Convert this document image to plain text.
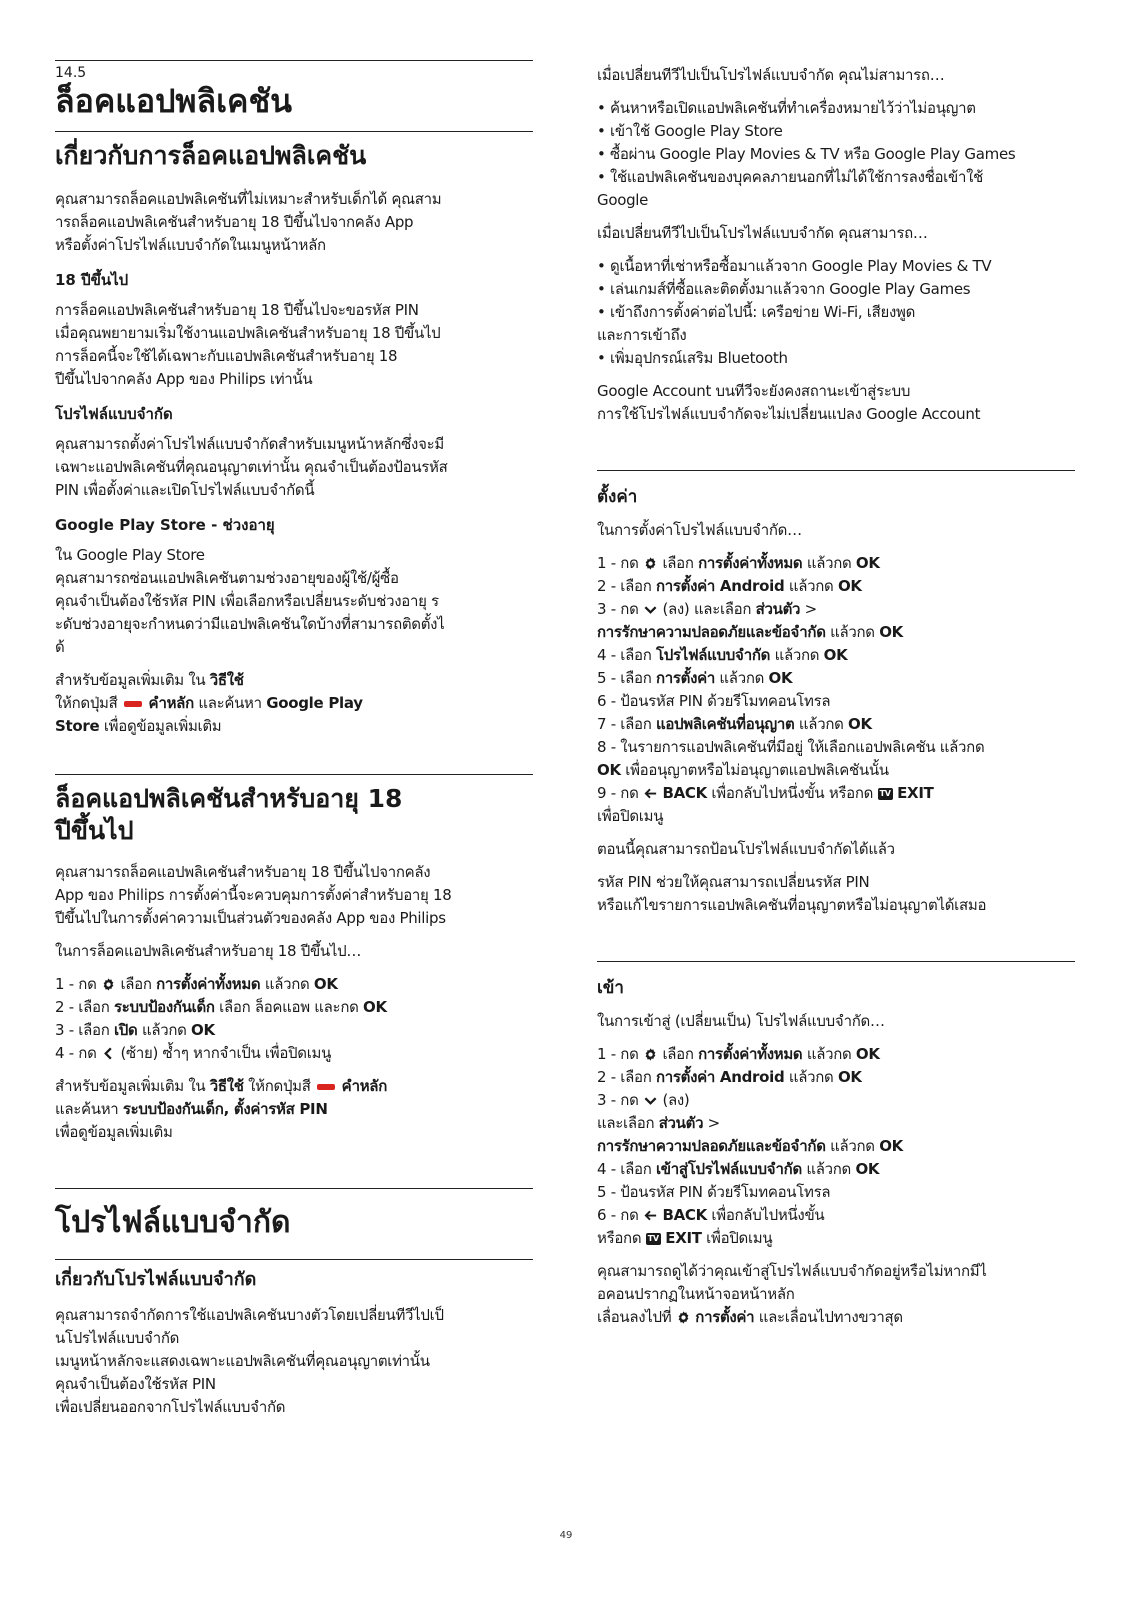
14.5
ล็อคแอปพลิเคชัน
เกี่ยวกับการล็อคแอปพลิเคชัน

คุณสามารถล็อคแอปพลิเคชันที่ไม่เหมาะสำหรับเด็กได้ คุณสาม
ารถล็อคแอปพลิเคชันสำหรับอายุ 18 ปีขึ้นไปจากคลัง App
หรือตั้งค่าโปรไฟล์แบบจำกัดในเมนูหน้าหลัก

18 ปีขึ้นไป

การล็อคแอปพลิเคชันสำหรับอายุ 18 ปีขึ้นไปจะขอรหัส PIN
เมื่อคุณพยายามเริ่มใช้งานแอปพลิเคชันสำหรับอายุ 18 ปีขึ้นไป
การล็อคนี้จะใช้ได้เฉพาะกับแอปพลิเคชันสำหรับอายุ 18
ปีขึ้นไปจากคลัง App ของ Philips เท่านั้น

โปรไฟล์แบบจำกัด

คุณสามารถตั้งค่าโปรไฟล์แบบจำกัดสำหรับเมนูหน้าหลักซึ่งจะมี
เฉพาะแอปพลิเคชันที่คุณอนุญาตเท่านั้น คุณจำเป็นต้องป้อนรหัส
PIN เพื่อตั้งค่าและเปิดโปรไฟล์แบบจำกัดนี้

Google Play Store - ช่วงอายุ

ใน Google Play Store
คุณสามารถซ่อนแอปพลิเคชันตามช่วงอายุของผู้ใช้/ผู้ซื้อ
คุณจำเป็นต้องใช้รหัส PIN เพื่อเลือกหรือเปลี่ยนระดับช่วงอายุ ร
ะดับช่วงอายุจะกำหนดว่ามีแอปพลิเคชันใดบ้างที่สามารถติดตั้งไ
ด้

สำหรับข้อมูลเพิ่มเติม ใน วิธีใช้
ให้กดปุ่มสี  คำหลัก และค้นหา Google Play
Store เพื่อดูข้อมูลเพิ่มเติม

ล็อคแอปพลิเคชันสำหรับอายุ 18
ปีขึ้นไป

คุณสามารถล็อคแอปพลิเคชันสำหรับอายุ 18 ปีขึ้นไปจากคลัง
App ของ Philips การตั้งค่านี้จะควบคุมการตั้งค่าสำหรับอายุ 18
ปีขึ้นไปในการตั้งค่าความเป็นส่วนตัวของคลัง App ของ Philips

ในการล็อคแอปพลิเคชันสำหรับอายุ 18 ปีขึ้นไป…

1 - กด  เลือก การตั้งค่าทั้งหมด แล้วกด OK
2 - เลือก ระบบป้องกันเด็ก เลือก ล็อคแอพ และกด OK
3 - เลือก เปิด แล้วกด OK
4 - กด  (ซ้าย) ซ้ำๆ หากจำเป็น เพื่อปิดเมนู

สำหรับข้อมูลเพิ่มเติม ใน วิธีใช้ ให้กดปุ่มสี  คำหลัก
และค้นหา ระบบป้องกันเด็ก, ตั้งค่ารหัส PIN
เพื่อดูข้อมูลเพิ่มเติม

โปรไฟล์แบบจำกัด
เกี่ยวกับโปรไฟล์แบบจำกัด

คุณสามารถจำกัดการใช้แอปพลิเคชันบางตัวโดยเปลี่ยนทีวีไปเป็
นโปรไฟล์แบบจำกัด
เมนูหน้าหลักจะแสดงเฉพาะแอปพลิเคชันที่คุณอนุญาตเท่านั้น
คุณจำเป็นต้องใช้รหัส PIN
เพื่อเปลี่ยนออกจากโปรไฟล์แบบจำกัด

เมื่อเปลี่ยนทีวีไปเป็นโปรไฟล์แบบจำกัด คุณไม่สามารถ…

• ค้นหาหรือเปิดแอปพลิเคชันที่ทำเครื่องหมายไว้ว่าไม่อนุญาต
• เข้าใช้ Google Play Store
• ซื้อผ่าน Google Play Movies & TV หรือ Google Play Games
• ใช้แอปพลิเคชันของบุคคลภายนอกที่ไม่ได้ใช้การลงชื่อเข้าใช้
Google

เมื่อเปลี่ยนทีวีไปเป็นโปรไฟล์แบบจำกัด คุณสามารถ…

• ดูเนื้อหาที่เช่าหรือซื้อมาแล้วจาก Google Play Movies & TV
• เล่นเกมส์ที่ซื้อและติดตั้งมาแล้วจาก Google Play Games
• เข้าถึงการตั้งค่าต่อไปนี้: เครือข่าย Wi-Fi, เสียงพูด
และการเข้าถึง
• เพิ่มอุปกรณ์เสริม Bluetooth

Google Account บนทีวีจะยังคงสถานะเข้าสู่ระบบ
การใช้โปรไฟล์แบบจำกัดจะไม่เปลี่ยนแปลง Google Account

ตั้งค่า

ในการตั้งค่าโปรไฟล์แบบจำกัด…

1 - กด  เลือก การตั้งค่าทั้งหมด แล้วกด OK
2 - เลือก การตั้งค่า Android แล้วกด OK
3 - กด  (ลง) และเลือก ส่วนตัว >
การรักษาความปลอดภัยและข้อจำกัด แล้วกด OK
4 - เลือก โปรไฟล์แบบจำกัด แล้วกด OK
5 - เลือก การตั้งค่า แล้วกด OK
6 - ป้อนรหัส PIN ด้วยรีโมทคอนโทรล
7 - เลือก แอปพลิเคชันที่อนุญาต แล้วกด OK
8 - ในรายการแอปพลิเคชันที่มีอยู่ ให้เลือกแอปพลิเคชัน แล้วกด
OK เพื่ออนุญาตหรือไม่อนุญาตแอปพลิเคชันนั้น
9 - กด  BACK เพื่อกลับไปหนึ่งขั้น หรือกด TV EXIT
เพื่อปิดเมนู

ตอนนี้คุณสามารถป้อนโปรไฟล์แบบจำกัดได้แล้ว

รหัส PIN ช่วยให้คุณสามารถเปลี่ยนรหัส PIN
หรือแก้ไขรายการแอปพลิเคชันที่อนุญาตหรือไม่อนุญาตได้เสมอ

เข้า

ในการเข้าสู่ (เปลี่ยนเป็น) โปรไฟล์แบบจำกัด…

1 - กด  เลือก การตั้งค่าทั้งหมด แล้วกด OK
2 - เลือก การตั้งค่า Android แล้วกด OK
3 - กด  (ลง)
และเลือก ส่วนตัว >
การรักษาความปลอดภัยและข้อจำกัด แล้วกด OK
4 - เลือก เข้าสู่โปรไฟล์แบบจำกัด แล้วกด OK
5 - ป้อนรหัส PIN ด้วยรีโมทคอนโทรล
6 - กด  BACK เพื่อกลับไปหนึ่งขั้น
หรือกด TV EXIT เพื่อปิดเมนู

คุณสามารถดูได้ว่าคุณเข้าสู่โปรไฟล์แบบจำกัดอยู่หรือไม่หากมีไ
อคอนปรากฏในหน้าจอหน้าหลัก
เลื่อนลงไปที่  การตั้งค่า และเลื่อนไปทางขวาสุด

49
